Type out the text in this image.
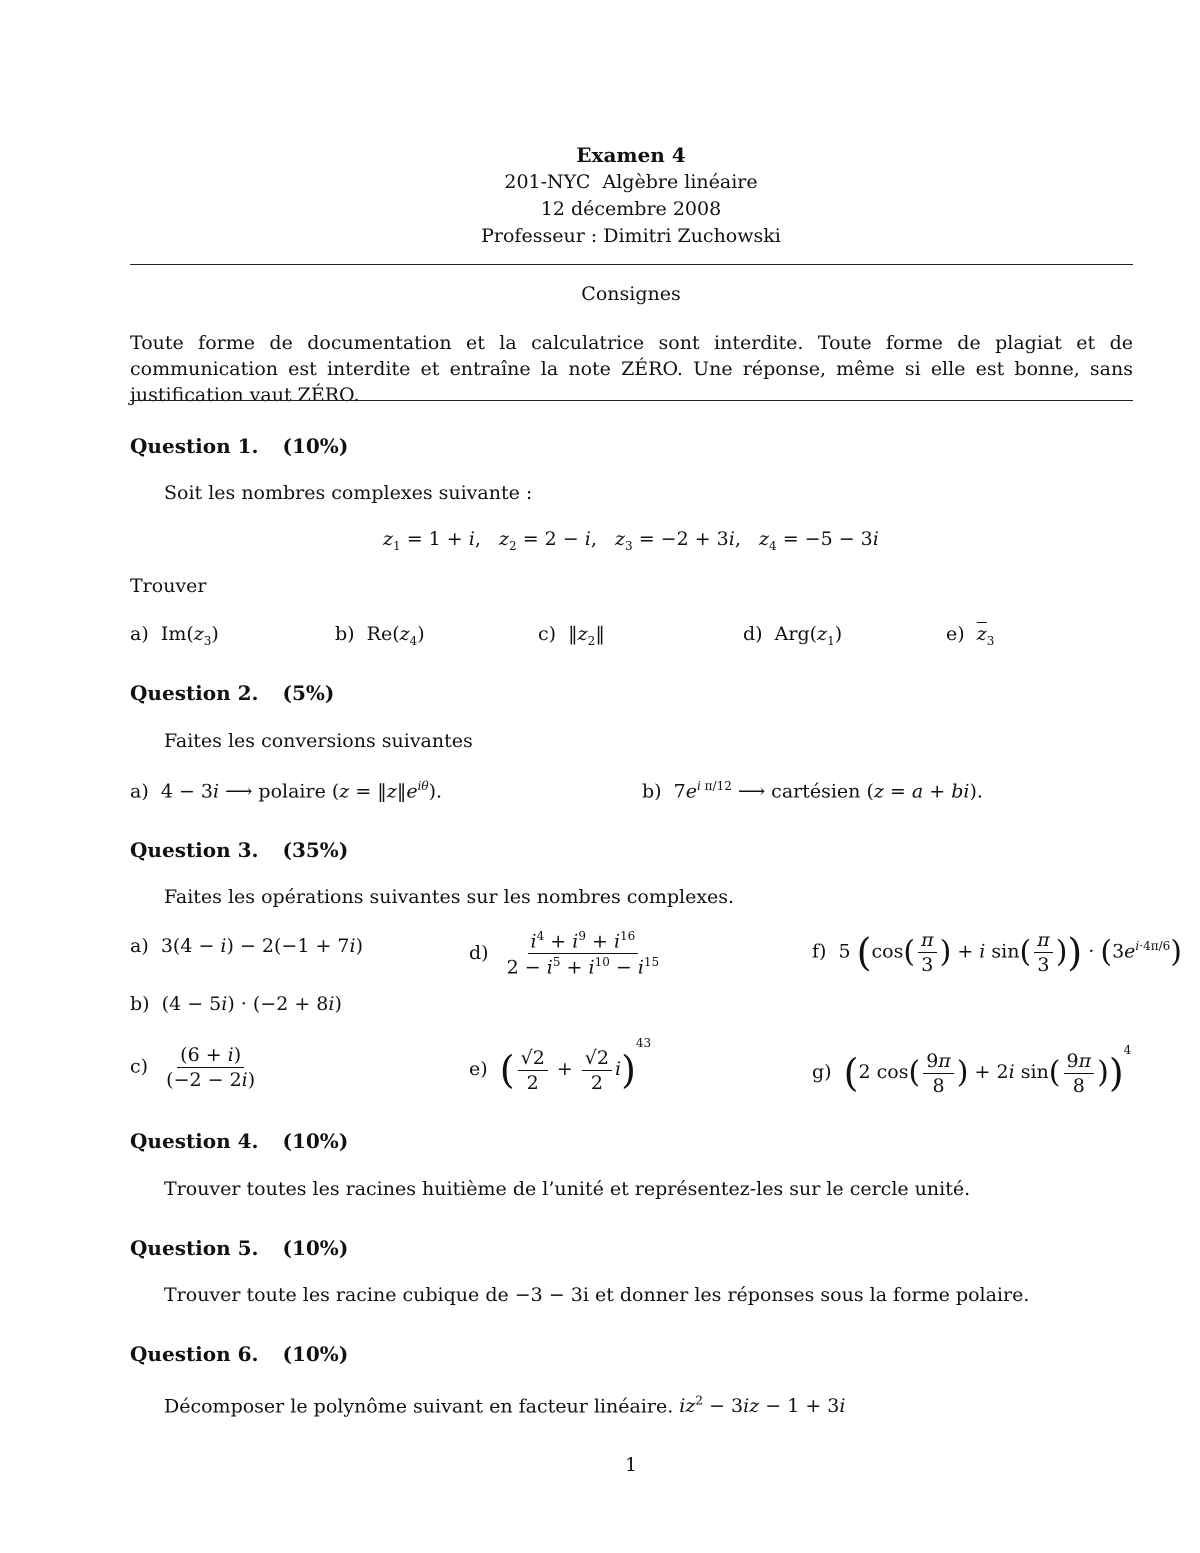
Examen 4
201-NYC  Algèbre linéaire
12 décembre 2008
Professeur : Dimitri Zuchowski
Consignes
Toute forme de documentation et la calculatrice sont interdite. Toute forme de plagiat et de communication est interdite et entraîne la note ZÉRO. Une réponse, même si elle est bonne, sans justification vaut ZÉRO.
Question 1. (10%)
Soit les nombres complexes suivante :
$z_1 = 1 + i$,   $z_2 = 2 - i$,   $z_3 = -2 + 3i$,   $z_4 = -5 - 3i$
Trouver
a)  $Im(z_3)$	b)  $Re(z_4)$	c)  $‖z_2‖$	d)  $Arg(z_1)$	e) $\overline{z}_3$
Question 2. (5%)
Faites les conversions suivantes
a)  4 − 3i ⟶ polaire $(z = ‖z‖e^{i\theta})$.	b)  $7e^{i \pi/12}$ ⟶ cartésien (z = a + bi).
Question 3. (35%)
Faites les opérations suivantes sur les nombres complexes.
a)  3(4 − i) − 2(−1 + 7i)
b)  (4 − 5i) · (−2 + 8i)
$c) \frac{(6 + i)}{(-2 - 2i)}$
$d) \frac{i^4 + i^9 + i^{16}}{2 - i^5 + i^{10} - i^{15}}$
e) ( $\frac{√2}{2} + \frac{√2}{2} i)^{43}$
f)  5 ($\cos( \frac{\pi}{3}$ ) + i $\sin( \frac{\pi}{3}$ )) · $(3e^{i\cdot 4\pi/6})$
g) (2 $\cos( \frac{9\pi}{8}$ ) + 2i $\sin( \frac{9\pi}{8} ))^4$
Question 4. (10%)
Trouver toutes les racines huitième de l’unité et représentez-les sur le cercle unité.
Question 5. (10%)
Trouver toute les racine cubique de −3 − 3i et donner les réponses sous la forme polaire.
Question 6. (10%)
Décomposer le polynôme suivant en facteur linéaire. $iz^2 - 3iz - 1 + 3i$
1
